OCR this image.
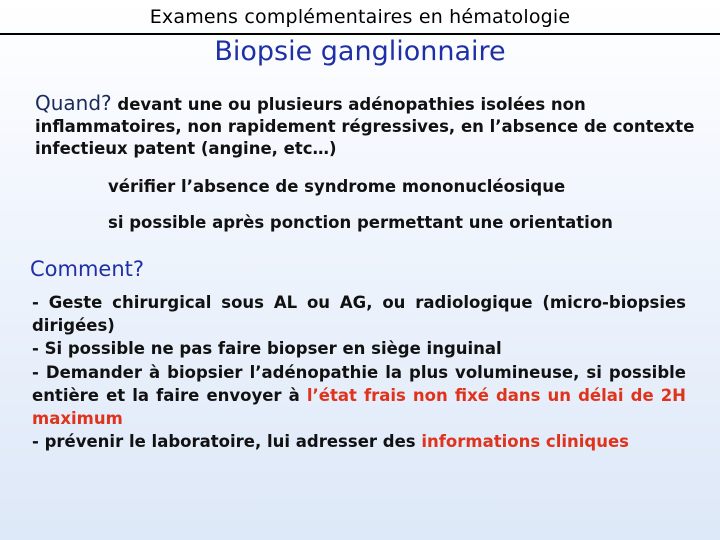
Examens complémentaires en hématologie
Biopsie ganglionnaire
Quand? devant une ou plusieurs adénopathies isolées non
inflammatoires, non rapidement régressives, en l’absence de contexte infectieux patent (angine, etc…)
vérifier l’absence de syndrome mononucléosique
si possible après ponction permettant une orientation
Comment?

- Geste chirurgical sous AL ou AG, ou radiologique (micro-biopsies dirigées)

- Si possible ne pas faire biopser en siège inguinal

- Demander à biopsier l’adénopathie la plus volumineuse, si possible entière et la faire envoyer à l’état frais non fixé dans un délai de 2H maximum

- prévenir le laboratoire, lui adresser des informations cliniques
